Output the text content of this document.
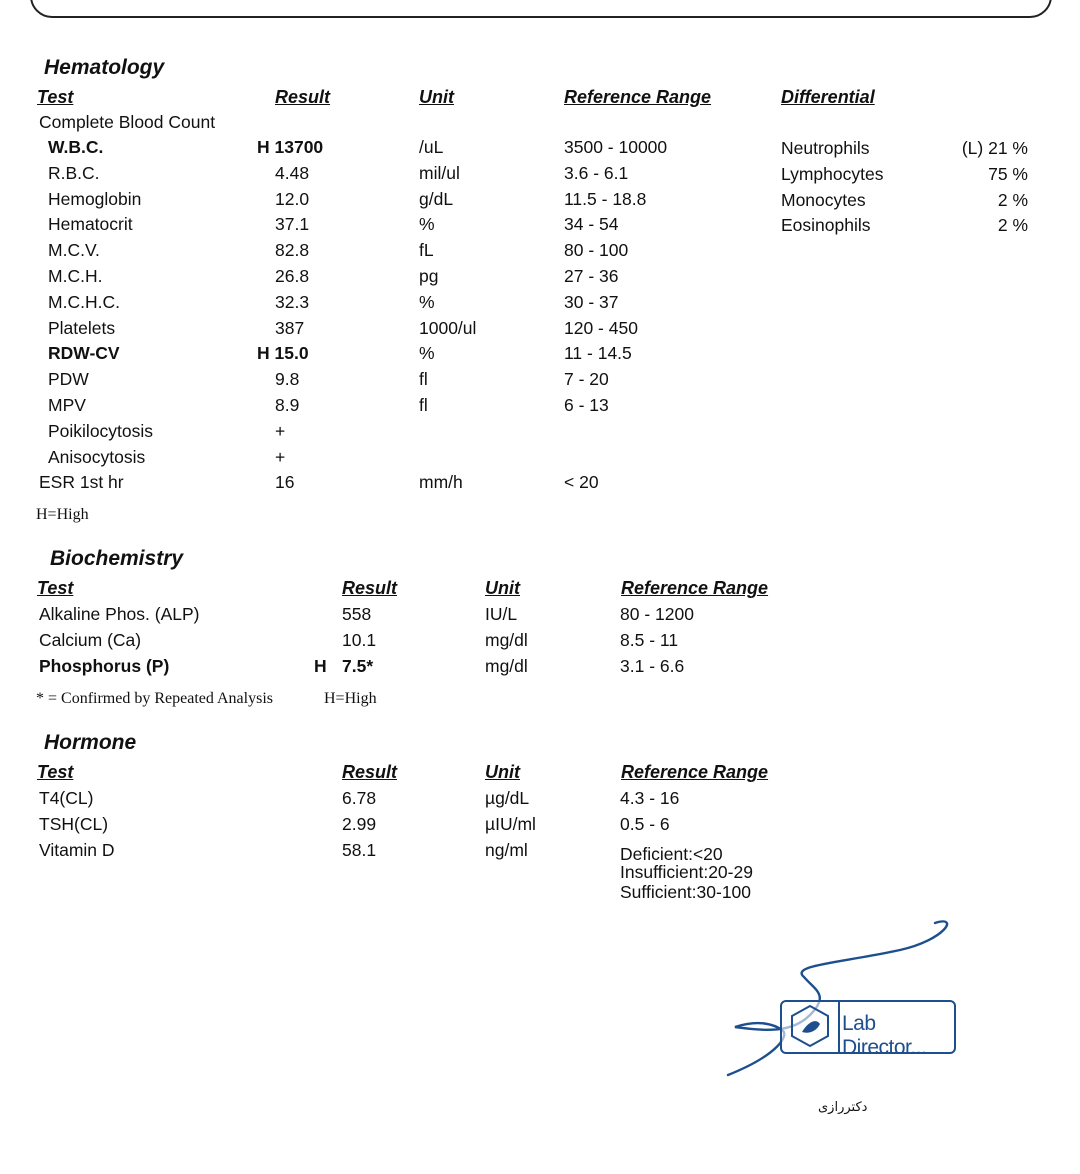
Hematology
Test	Result	Unit	Reference Range	Differential
Complete Blood Count
W.B.C.	H 13700	/uL	3500 - 10000
R.B.C.	4.48	mil/ul	3.6 - 6.1
Hemoglobin	12.0	g/dL	11.5 - 18.8
Hematocrit	37.1	%	34 - 54
M.C.V.	82.8	fL	80 - 100
M.C.H.	26.8	pg	27 - 36
M.C.H.C.	32.3	%	30 - 37
Platelets	387	1000/ul	120 - 450
RDW-CV	H 15.0	%	11 - 14.5
PDW	9.8	fl	7 - 20
MPV	8.9	fl	6 - 13
Poikilocytosis	+
Anisocytosis	+
ESR 1st hr	16	mm/h	< 20
Neutrophils	(L) 21 %
Lymphocytes	75 %
Monocytes	2 %
Eosinophils	2 %
H=High
Biochemistry
Test	Result	Unit	Reference Range
Alkaline Phos. (ALP)	558	IU/L	80 - 1200
Calcium (Ca)	10.1	mg/dl	8.5 - 11
Phosphorus (P)	H 7.5*	mg/dl	3.1 - 6.6
* = Confirmed by Repeated Analysis	H=High
Hormone
Test	Result	Unit	Reference Range
T4(CL)	6.78	µg/dL	4.3 - 16
TSH(CL)	2.99	µIU/ml	0.5 - 6
Vitamin D	58.1	ng/ml	Deficient:<20
Insufficient:20-29
Sufficient:30-100
Lab Director...
دکتررازی
